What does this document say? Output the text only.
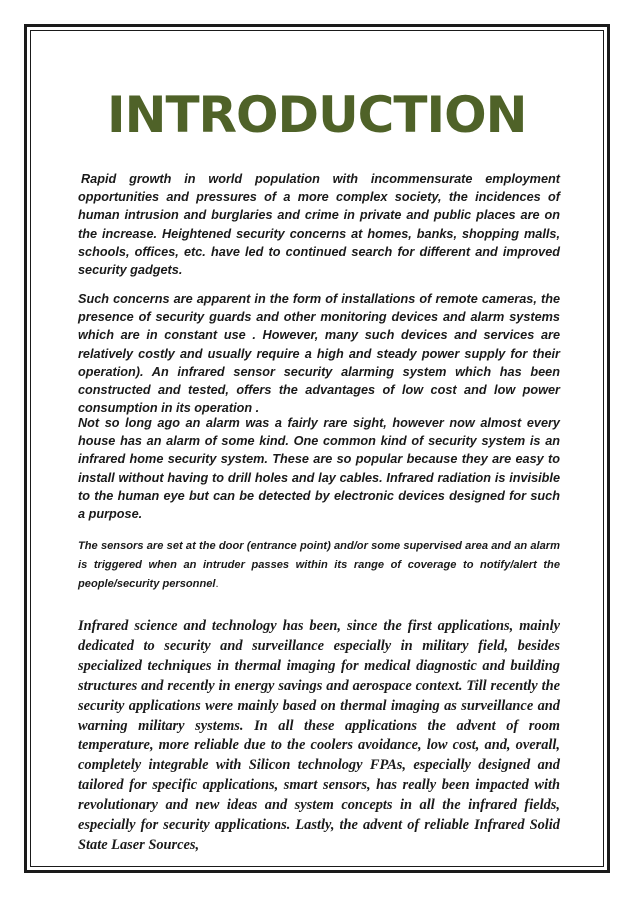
INTRODUCTION

Rapid growth in world population with incommensurate employment opportunities and pressures of a more complex society, the incidences of human intrusion and burglaries and crime in private and public places are on the increase. Heightened security concerns at homes, banks, shopping malls, schools, offices, etc. have led to continued search for different and improved security gadgets.

Such concerns are apparent in the form of installations of remote cameras, the presence of security guards and other monitoring devices and alarm systems which are in constant use . However, many such devices and services are relatively costly and usually require a high and steady power supply for their operation). An infrared sensor security alarming system which has been constructed and tested, offers the advantages of low cost and low power consumption in its operation .

Not so long ago an alarm was a fairly rare sight, however now almost every house has an alarm of some kind. One common kind of security system is an infrared home security system. These are so popular because they are easy to install without having to drill holes and lay cables. Infrared radiation is invisible to the human eye but can be detected by electronic devices designed for such a purpose.

The sensors are set at the door (entrance point) and/or some supervised area and an alarm is triggered when an intruder passes within its range of coverage to notify/alert the people/security personnel.

Infrared science and technology has been, since the first applications, mainly dedicated to security and surveillance especially in military field, besides specialized techniques in thermal imaging for medical diagnostic and building structures and recently in energy savings and aerospace context. Till recently the security applications were mainly based on thermal imaging as surveillance and warning military systems. In all these applications the advent of room temperature, more reliable due to the coolers avoidance, low cost, and, overall, completely integrable with Silicon technology FPAs, especially designed and tailored for specific applications, smart sensors, has really been impacted with revolutionary and new ideas and system concepts in all the infrared fields, especially for security applications. Lastly, the advent of reliable Infrared Solid State Laser Sources,
